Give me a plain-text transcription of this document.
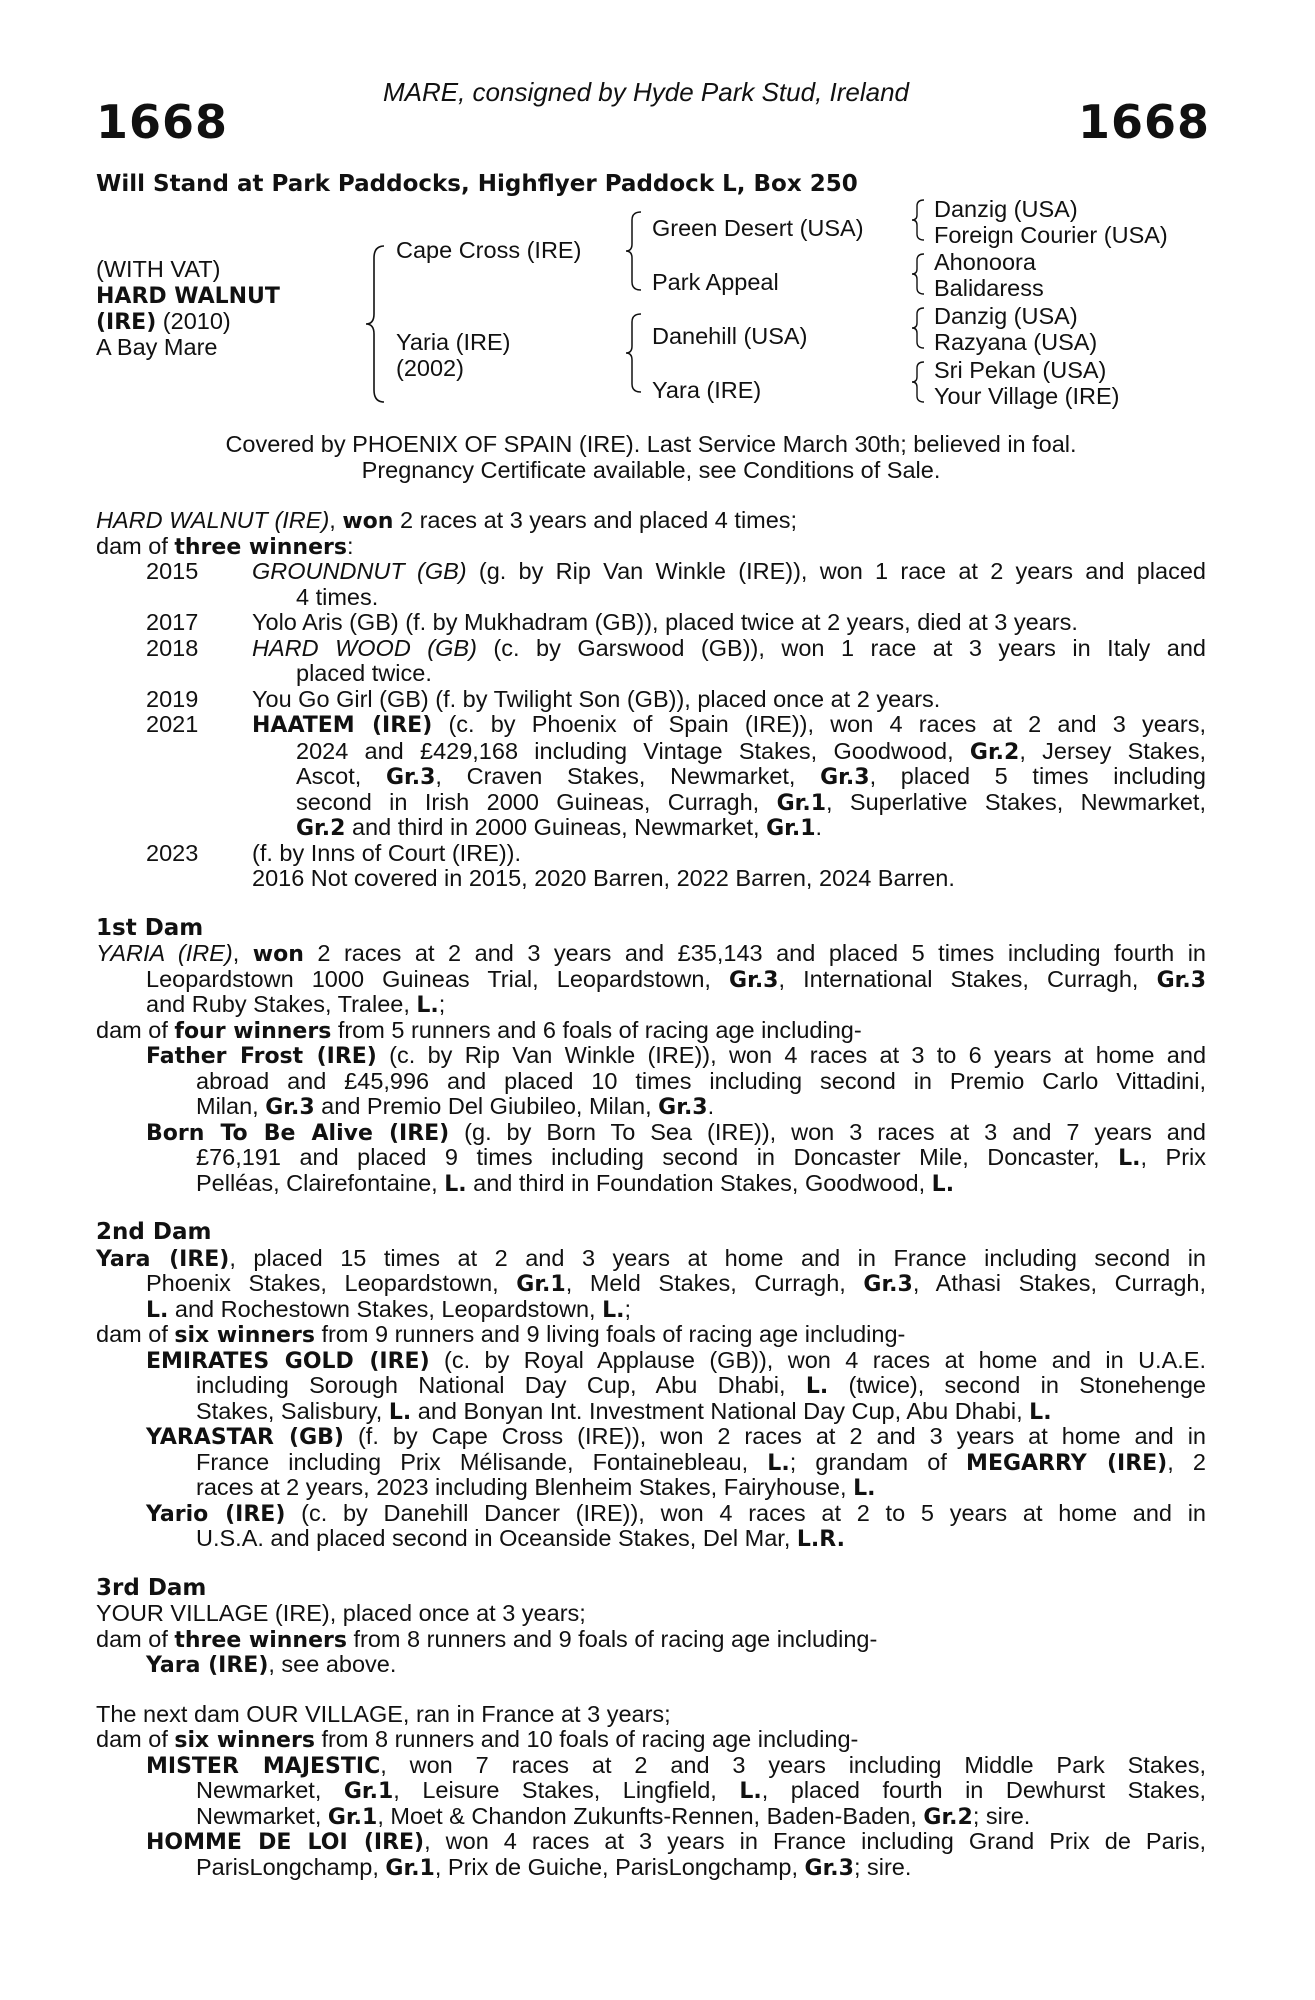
MARE, consigned by Hyde Park Stud, Ireland
1668	1668
Will Stand at Park Paddocks, Highflyer Paddock L, Box 250
(WITH VAT)
HARD WALNUT
(IRE) (2010)
A Bay Mare
Cape Cross (IRE)
Yaria (IRE)
(2002)
Green Desert (USA)
Park Appeal
Danehill (USA)
Yara (IRE)
Danzig (USA)
Foreign Courier (USA)
Ahonoora
Balidaress
Danzig (USA)
Razyana (USA)
Sri Pekan (USA)
Your Village (IRE)
Covered by PHOENIX OF SPAIN (IRE). Last Service March 30th; believed in foal.
Pregnancy Certificate available, see Conditions of Sale.
HARD WALNUT (IRE), won 2 races at 3 years and placed 4 times;
dam of three winners:
2015	GROUNDNUT (GB) (g. by Rip Van Winkle (IRE)), won 1 race at 2 years and placed
4 times.
2017	Yolo Aris (GB) (f. by Mukhadram (GB)), placed twice at 2 years, died at 3 years.
2018	HARD WOOD (GB) (c. by Garswood (GB)), won 1 race at 3 years in Italy and
placed twice.
2019	You Go Girl (GB) (f. by Twilight Son (GB)), placed once at 2 years.
2021	HAATEM (IRE) (c. by Phoenix of Spain (IRE)), won 4 races at 2 and 3 years,
2024 and £429,168 including Vintage Stakes, Goodwood, Gr.2, Jersey Stakes,
Ascot, Gr.3, Craven Stakes, Newmarket, Gr.3, placed 5 times including
second in Irish 2000 Guineas, Curragh, Gr.1, Superlative Stakes, Newmarket,
Gr.2 and third in 2000 Guineas, Newmarket, Gr.1.
2023	(f. by Inns of Court (IRE)).
2016 Not covered in 2015, 2020 Barren, 2022 Barren, 2024 Barren.
1st Dam
YARIA (IRE), won 2 races at 2 and 3 years and £35,143 and placed 5 times including fourth in
Leopardstown 1000 Guineas Trial, Leopardstown, Gr.3, International Stakes, Curragh, Gr.3
and Ruby Stakes, Tralee, L.;
dam of four winners from 5 runners and 6 foals of racing age including-
Father Frost (IRE) (c. by Rip Van Winkle (IRE)), won 4 races at 3 to 6 years at home and
abroad and £45,996 and placed 10 times including second in Premio Carlo Vittadini,
Milan, Gr.3 and Premio Del Giubileo, Milan, Gr.3.
Born To Be Alive (IRE) (g. by Born To Sea (IRE)), won 3 races at 3 and 7 years and
£76,191 and placed 9 times including second in Doncaster Mile, Doncaster, L., Prix
Pelléas, Clairefontaine, L. and third in Foundation Stakes, Goodwood, L.
2nd Dam
Yara (IRE), placed 15 times at 2 and 3 years at home and in France including second in
Phoenix Stakes, Leopardstown, Gr.1, Meld Stakes, Curragh, Gr.3, Athasi Stakes, Curragh,
L. and Rochestown Stakes, Leopardstown, L.;
dam of six winners from 9 runners and 9 living foals of racing age including-
EMIRATES GOLD (IRE) (c. by Royal Applause (GB)), won 4 races at home and in U.A.E.
including Sorough National Day Cup, Abu Dhabi, L. (twice), second in Stonehenge
Stakes, Salisbury, L. and Bonyan Int. Investment National Day Cup, Abu Dhabi, L.
YARASTAR (GB) (f. by Cape Cross (IRE)), won 2 races at 2 and 3 years at home and in
France including Prix Mélisande, Fontainebleau, L.; grandam of MEGARRY (IRE), 2
races at 2 years, 2023 including Blenheim Stakes, Fairyhouse, L.
Yario (IRE) (c. by Danehill Dancer (IRE)), won 4 races at 2 to 5 years at home and in
U.S.A. and placed second in Oceanside Stakes, Del Mar, L.R.
3rd Dam
YOUR VILLAGE (IRE), placed once at 3 years;
dam of three winners from 8 runners and 9 foals of racing age including-
Yara (IRE), see above.
The next dam OUR VILLAGE, ran in France at 3 years;
dam of six winners from 8 runners and 10 foals of racing age including-
MISTER MAJESTIC, won 7 races at 2 and 3 years including Middle Park Stakes,
Newmarket, Gr.1, Leisure Stakes, Lingfield, L., placed fourth in Dewhurst Stakes,
Newmarket, Gr.1, Moet & Chandon Zukunfts-Rennen, Baden-Baden, Gr.2; sire.
HOMME DE LOI (IRE), won 4 races at 3 years in France including Grand Prix de Paris,
ParisLongchamp, Gr.1, Prix de Guiche, ParisLongchamp, Gr.3; sire.
